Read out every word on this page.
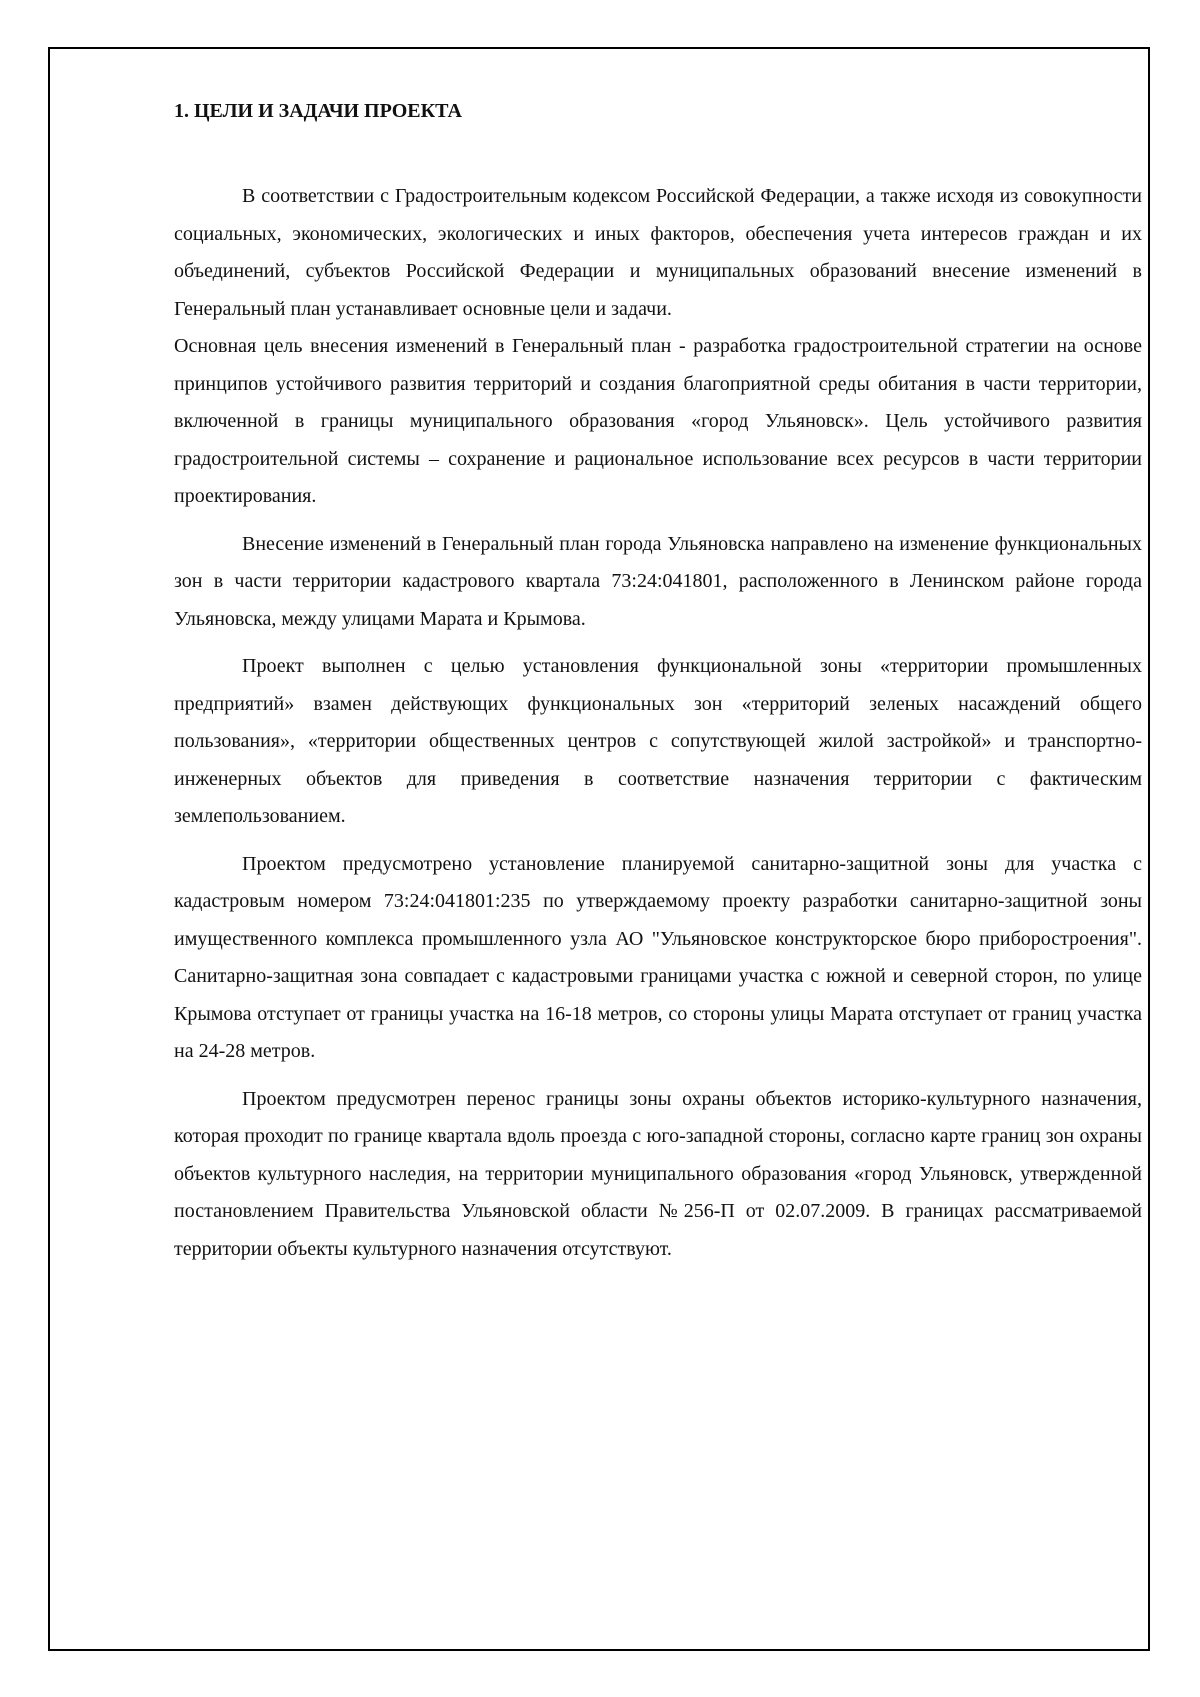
1. ЦЕЛИ И ЗАДАЧИ ПРОЕКТА

В соответствии с Градостроительным кодексом Российской Федерации, а также исходя из совокупности социальных, экономических, экологических и иных факторов, обеспечения учета интересов граждан и их объединений, субъектов Российской Федерации и муниципальных образований внесение изменений в Генеральный план устанавливает основные цели и задачи.

Основная цель внесения изменений в Генеральный план - разработка градостроительной стратегии на основе принципов устойчивого развития территорий и создания благоприятной среды обитания в части территории, включенной в границы муниципального образования «город Ульяновск». Цель устойчивого развития градостроительной системы – сохранение и рациональное использование всех ресурсов в части территории проектирования.

Внесение изменений в Генеральный план города Ульяновска направлено на изменение функциональных зон в части территории кадастрового квартала 73:24:041801, расположенного в Ленинском районе города Ульяновска, между улицами Марата и Крымова.

Проект выполнен с целью установления функциональной зоны «территории промышленных предприятий» взамен действующих функциональных зон «территорий зеленых насаждений общего пользования», «территории общественных центров с сопутствующей жилой застройкой» и транспортно-инженерных объектов для приведения в соответствие назначения территории с фактическим землепользованием.

Проектом предусмотрено установление планируемой санитарно-защитной зоны для участка с кадастровым номером 73:24:041801:235 по утверждаемому проекту разработки санитарно-защитной зоны имущественного комплекса промышленного узла АО "Ульяновское конструкторское бюро приборостроения". Санитарно-защитная зона совпадает с кадастровыми границами участка с южной и северной сторон, по улице Крымова отступает от границы участка на 16-18 метров, со стороны улицы Марата отступает от границ участка на 24-28 метров.

Проектом предусмотрен перенос границы зоны охраны объектов историко-культурного назначения, которая проходит по границе квартала вдоль проезда с юго-западной стороны, согласно карте границ зон охраны объектов культурного наследия, на территории муниципального образования «город Ульяновск, утвержденной постановлением Правительства Ульяновской области №256-П от 02.07.2009. В границах рассматриваемой территории объекты культурного назначения отсутствуют.
